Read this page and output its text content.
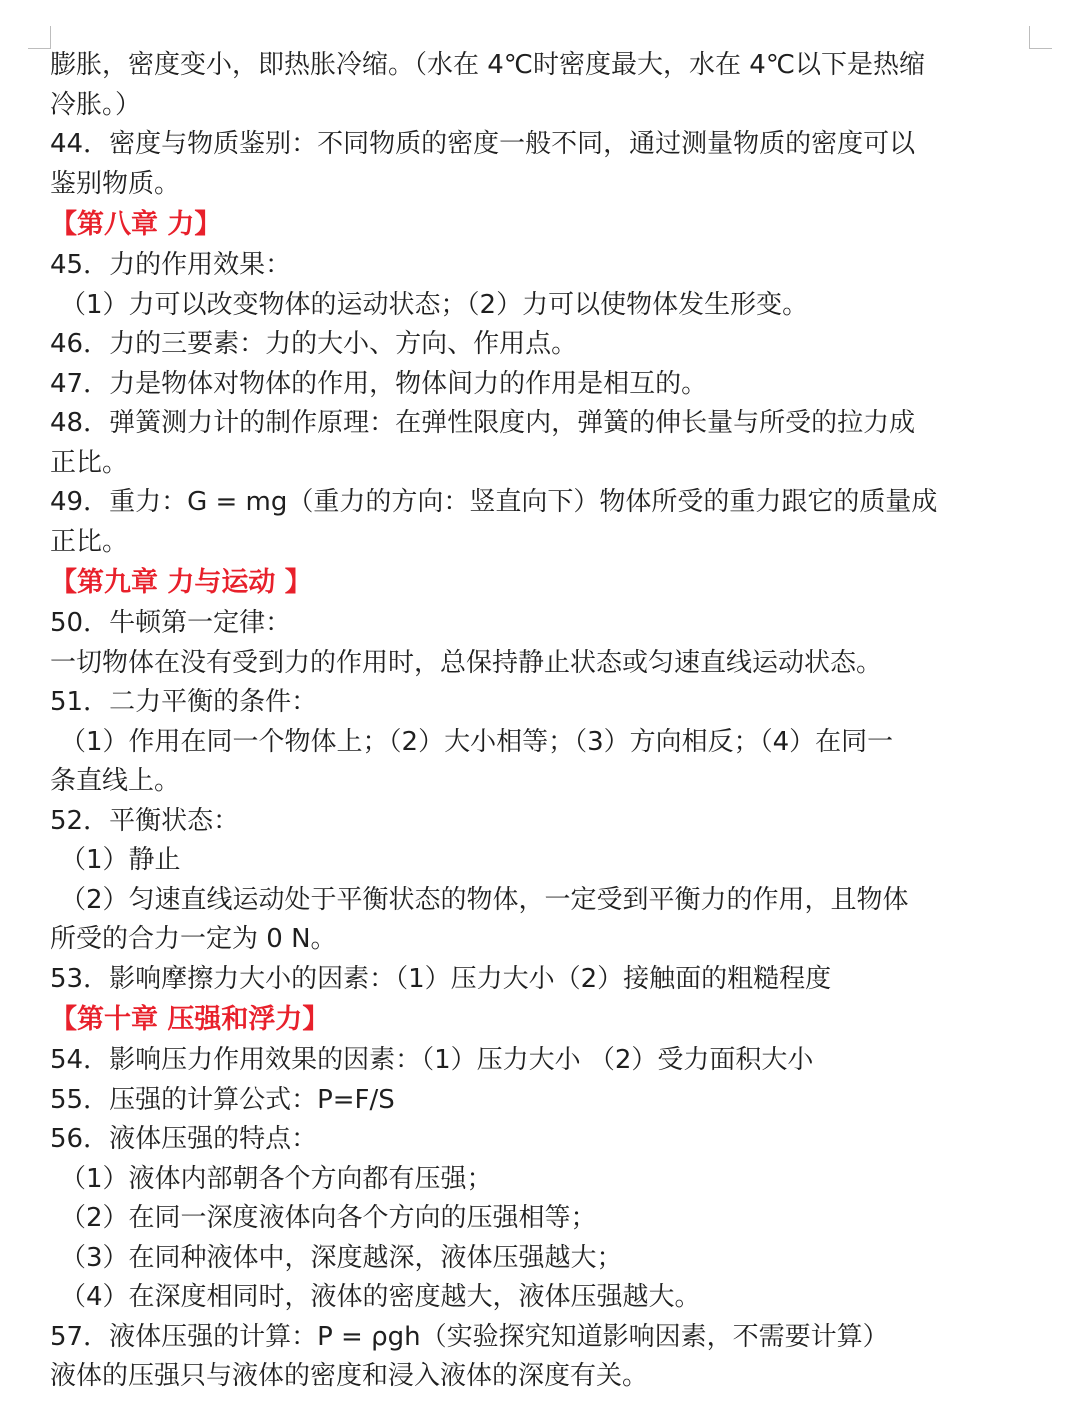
膨胀，密度变小，即热胀冷缩。（水在 4℃时密度最大，水在 4℃以下是热缩
冷胀。）
44．密度与物质鉴别：不同物质的密度一般不同，通过测量物质的密度可以
鉴别物质。
【第八章 力】
45．力的作用效果：
（1）力可以改变物体的运动状态；（2）力可以使物体发生形变。
46．力的三要素：力的大小、方向、作用点。
47．力是物体对物体的作用，物体间力的作用是相互的。
48．弹簧测力计的制作原理：在弹性限度内，弹簧的伸长量与所受的拉力成
正比。
49．重力：G = mg（重力的方向：竖直向下）物体所受的重力跟它的质量成
正比。
【第九章 力与运动 】
50．牛顿第一定律：
一切物体在没有受到力的作用时，总保持静止状态或匀速直线运动状态。
51．二力平衡的条件：
（1）作用在同一个物体上；（2）大小相等；（3）方向相反；（4）在同一
条直线上。
52．平衡状态：
（1）静止
（2）匀速直线运动处于平衡状态的物体，一定受到平衡力的作用，且物体
所受的合力一定为 0 N。
53．影响摩擦力大小的因素：（1）压力大小（2）接触面的粗糙程度
【第十章 压强和浮力】
54．影响压力作用效果的因素：（1）压力大小 （2）受力面积大小
55．压强的计算公式：P=F/S
56．液体压强的特点：
（1）液体内部朝各个方向都有压强；
（2）在同一深度液体向各个方向的压强相等；
（3）在同种液体中，深度越深，液体压强越大；
（4）在深度相同时，液体的密度越大，液体压强越大。
57．液体压强的计算：P = ρgh（实验探究知道影响因素，不需要计算）
液体的压强只与液体的密度和浸入液体的深度有关。
